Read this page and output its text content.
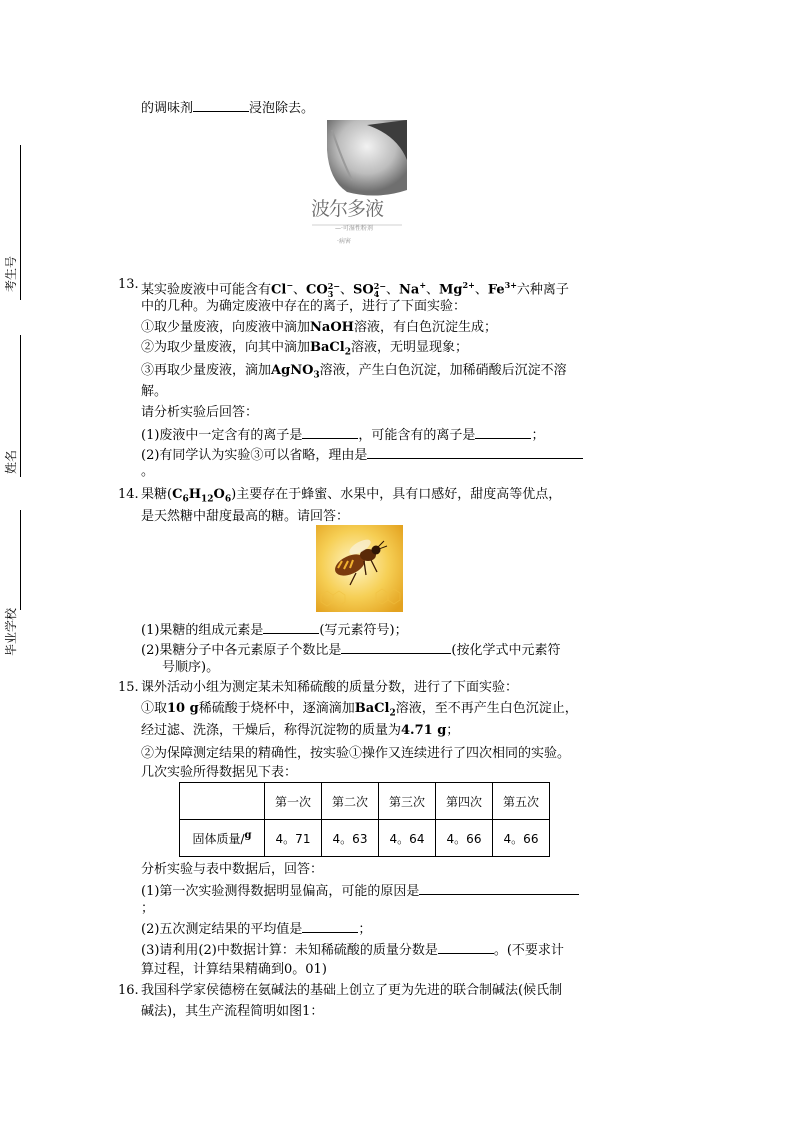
考生号
姓名
毕业学校
的调味剂	浸泡除去。
波尔多液
—·可湿性粉剂
·病害
13. 某实验废液中可能含有Cl−、CO 2−
3 、SO 2−
4 、Na+、$Mg^{2+}$、$Fe^{3+}$六种离子
中的几种。为确定废液中存在的离子，进行了下面实验：
①取少量废液，向废液中滴加NaOH溶液，有白色沉淀生成；
②为取少量废液，向其中滴加BaCl$_2$溶液，无明显现象；
③再取少量废液，滴加AgNO$_3$溶液，产生白色沉淀，加稀硝酸后沉淀不溶
解。
请分析实验后回答：
(1)废液中一定含有的离子是	，可能含有的离子是	；
(2)有同学认为实验③可以省略，理由是
。
14. 果糖$(C_6H_{12}O_6)$主要存在于蜂蜜、水果中，具有口感好，甜度高等优点，
是天然糖中甜度最高的糖。请回答：
(1)果糖的组成元素是	(写元素符号)；
(2)果糖分子中各元素原子个数比是	(按化学式中元素符
号顺序)。
15. 课外活动小组为测定某未知稀硫酸的质量分数，进行了下面实验：
①取10 g稀硫酸于烧杯中，逐滴滴加BaCl$_2$溶液，至不再产生白色沉淀止，
经过滤、洗涤，干燥后，称得沉淀物的质量为4.71 g；
②为保障测定结果的精确性，按实验①操作又连续进行了四次相同的实验。
几次实验所得数据见下表：
	第一次	第二次	第三次	第四次	第五次
固体质量/$^g$	4。71	4。63	4。64	4。66	4。66
分析实验与表中数据后，回答：
(1)第一次实验测得数据明显偏高，可能的原因是
；
(2)五次测定结果的平均值是	；
(3)请利用(2)中数据计算：未知稀硫酸的质量分数是	。(不要求计
算过程，计算结果精确到0。01)
16. 我国科学家侯德榜在氨碱法的基础上创立了更为先进的联合制碱法(候氏制
碱法)，其生产流程简明如图1：
